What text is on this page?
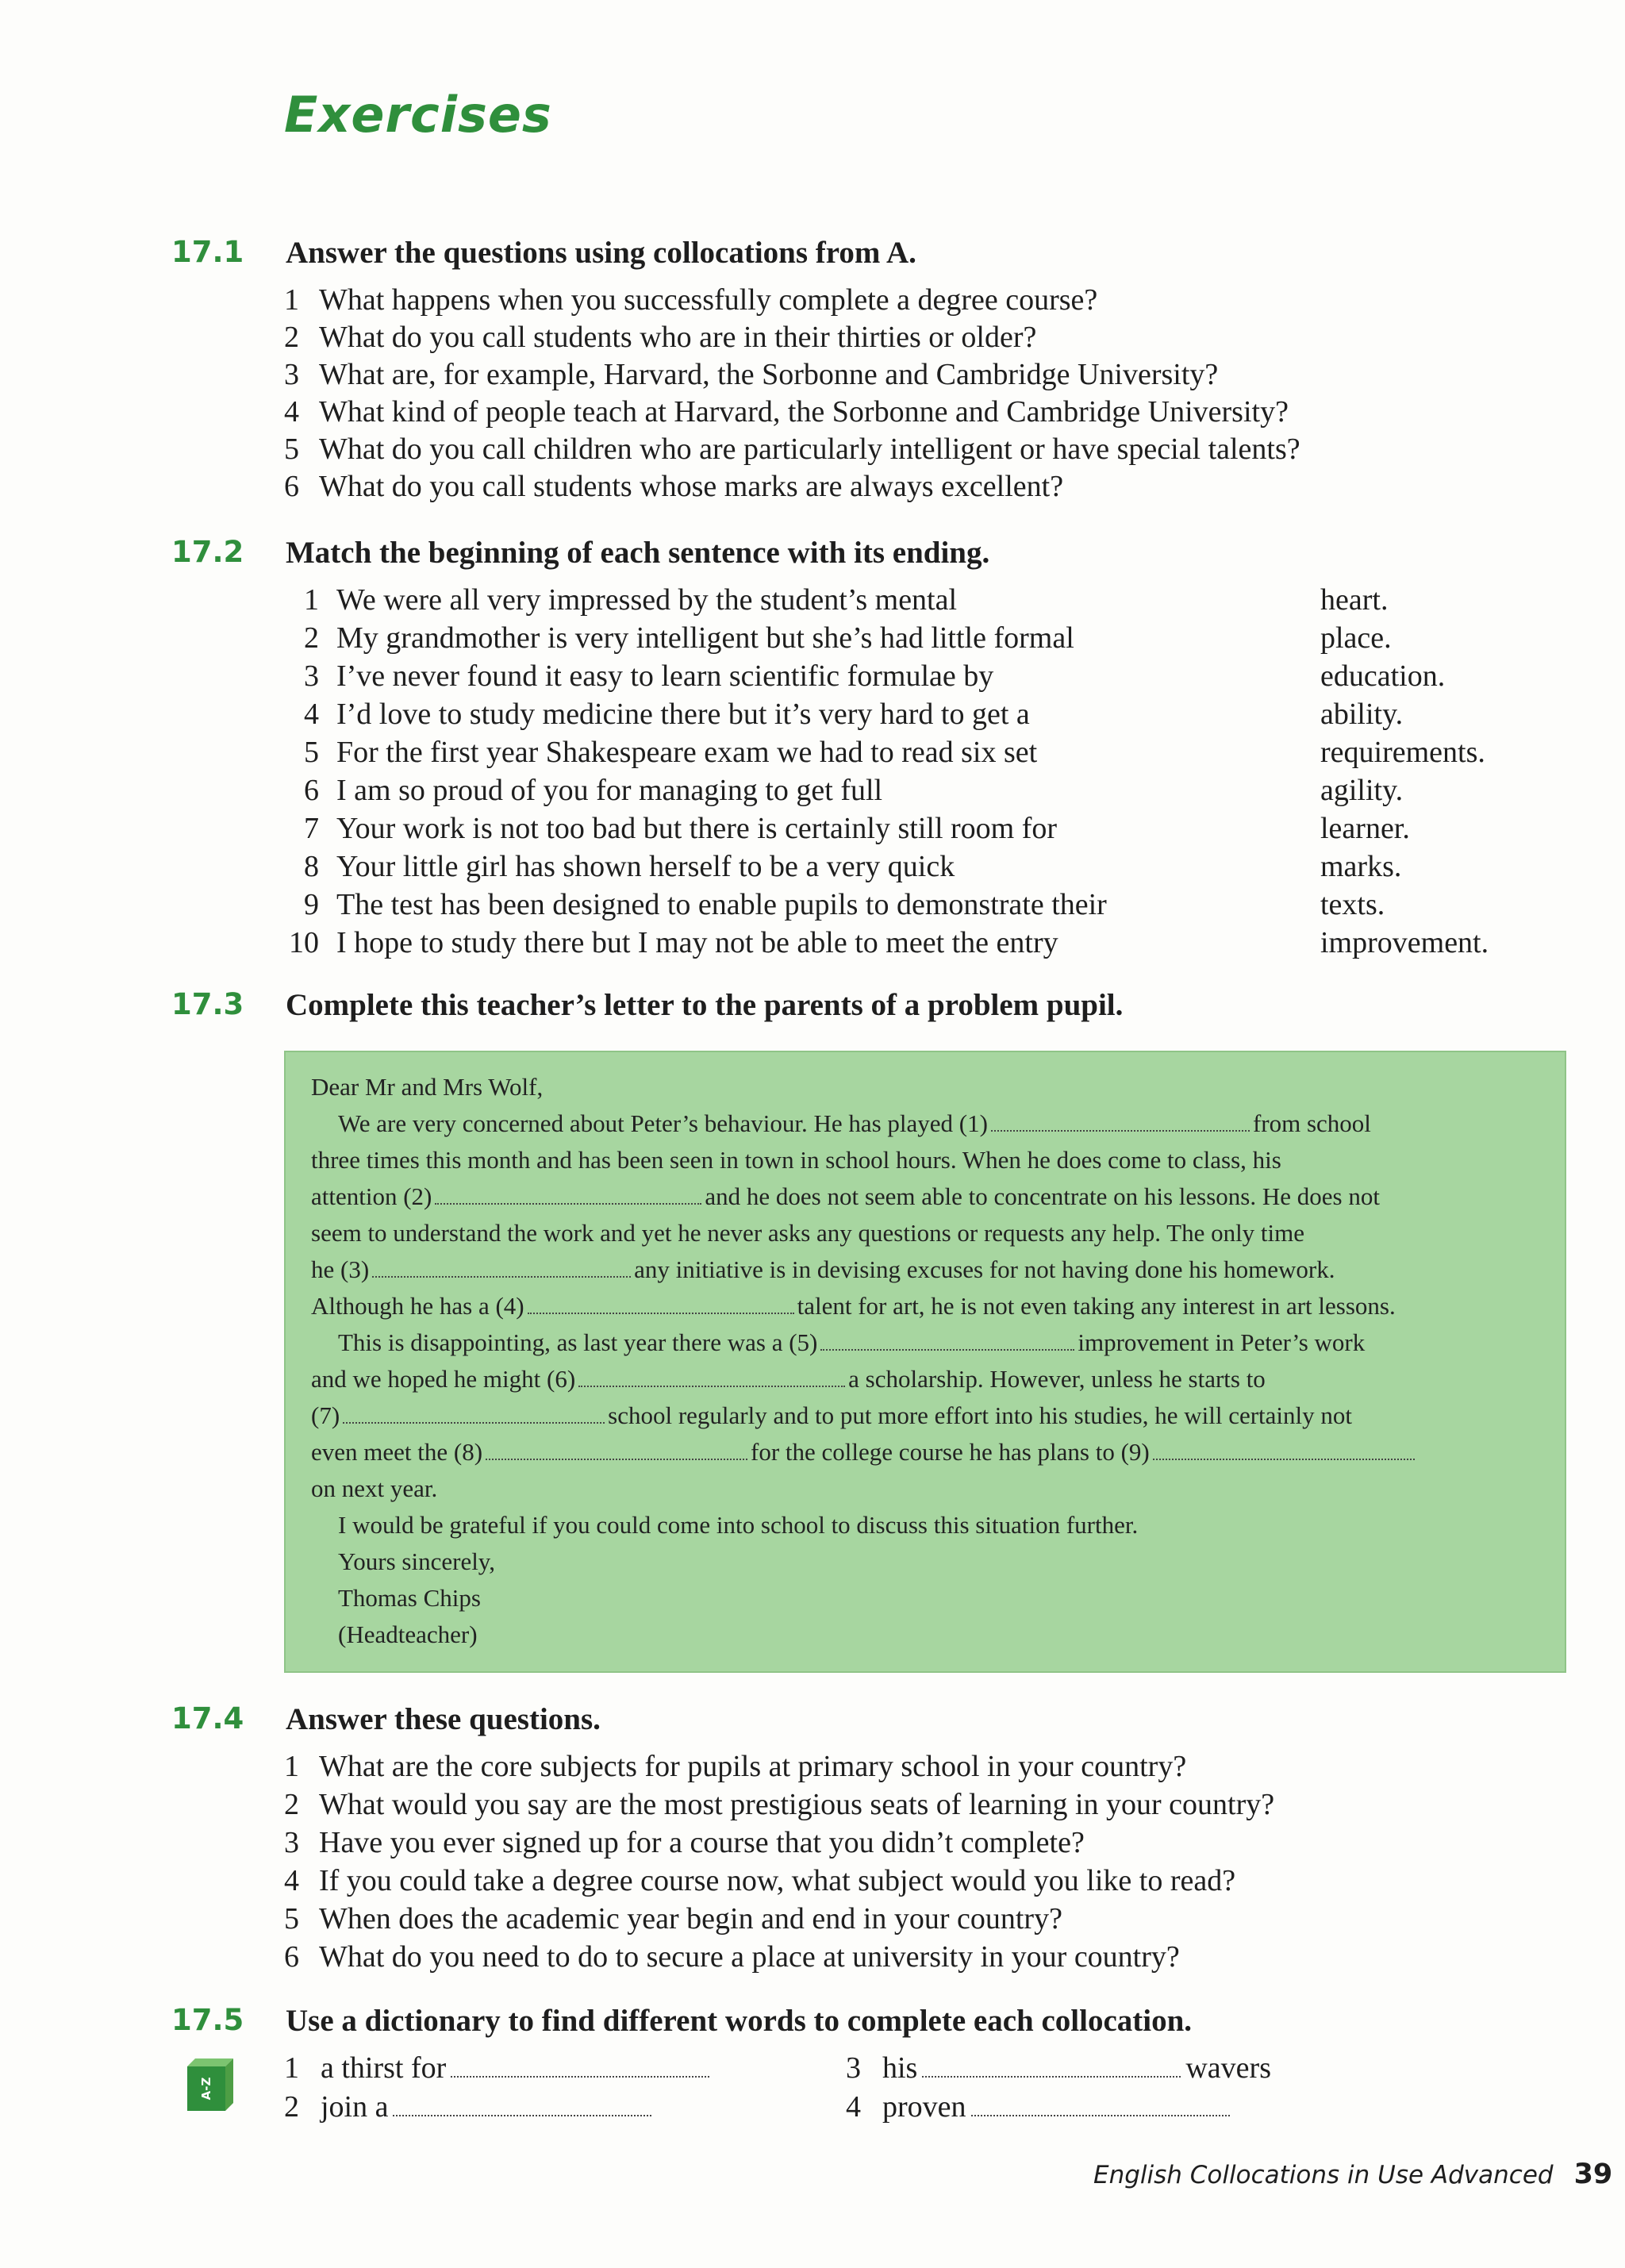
Exercises
17.1 Answer the questions using collocations from A.
1 What happens when you successfully complete a degree course?
2 What do you call students who are in their thirties or older?
3 What are, for example, Harvard, the Sorbonne and Cambridge University?
4 What kind of people teach at Harvard, the Sorbonne and Cambridge University?
5 What do you call children who are particularly intelligent or have special talents?
6 What do you call students whose marks are always excellent?
17.2 Match the beginning of each sentence with its ending.
1 We were all very impressed by the student’s mental	heart.
2 My grandmother is very intelligent but she’s had little formal	place.
3 I’ve never found it easy to learn scientific formulae by	education.
4 I’d love to study medicine there but it’s very hard to get a	ability.
5 For the first year Shakespeare exam we had to read six set	requirements.
6 I am so proud of you for managing to get full	agility.
7 Your work is not too bad but there is certainly still room for	learner.
8 Your little girl has shown herself to be a very quick	marks.
9 The test has been designed to enable pupils to demonstrate their	texts.
10 I hope to study there but I may not be able to meet the entry	improvement.
17.3 Complete this teacher’s letter to the parents of a problem pupil.
Dear Mr and Mrs Wolf,
We are very concerned about Peter’s behaviour. He has played (1)	from school
three times this month and has been seen in town in school hours. When he does come to class, his
attention (2)	and he does not seem able to concentrate on his lessons. He does not
seem to understand the work and yet he never asks any questions or requests any help. The only time
he (3)	any initiative is in devising excuses for not having done his homework.
Although he has a (4)	talent for art, he is not even taking any interest in art lessons.
This is disappointing, as last year there was a (5)	improvement in Peter’s work
and we hoped he might (6)	a scholarship. However, unless he starts to
(7)	school regularly and to put more effort into his studies, he will certainly not
even meet the (8)	for the college course he has plans to (9)
on next year.
I would be grateful if you could come into school to discuss this situation further.
Yours sincerely,
Thomas Chips
(Headteacher)
17.4 Answer these questions.
1 What are the core subjects for pupils at primary school in your country?
2 What would you say are the most prestigious seats of learning in your country?
3 Have you ever signed up for a course that you didn’t complete?
4 If you could take a degree course now, what subject would you like to read?
5 When does the academic year begin and end in your country?
6 What do you need to do to secure a place at university in your country?
17.5 Use a dictionary to find different words to complete each collocation.
A-Z
1 a thirst for
2 join a
3 his	wavers
4 proven
English Collocations in Use Advanced 39
